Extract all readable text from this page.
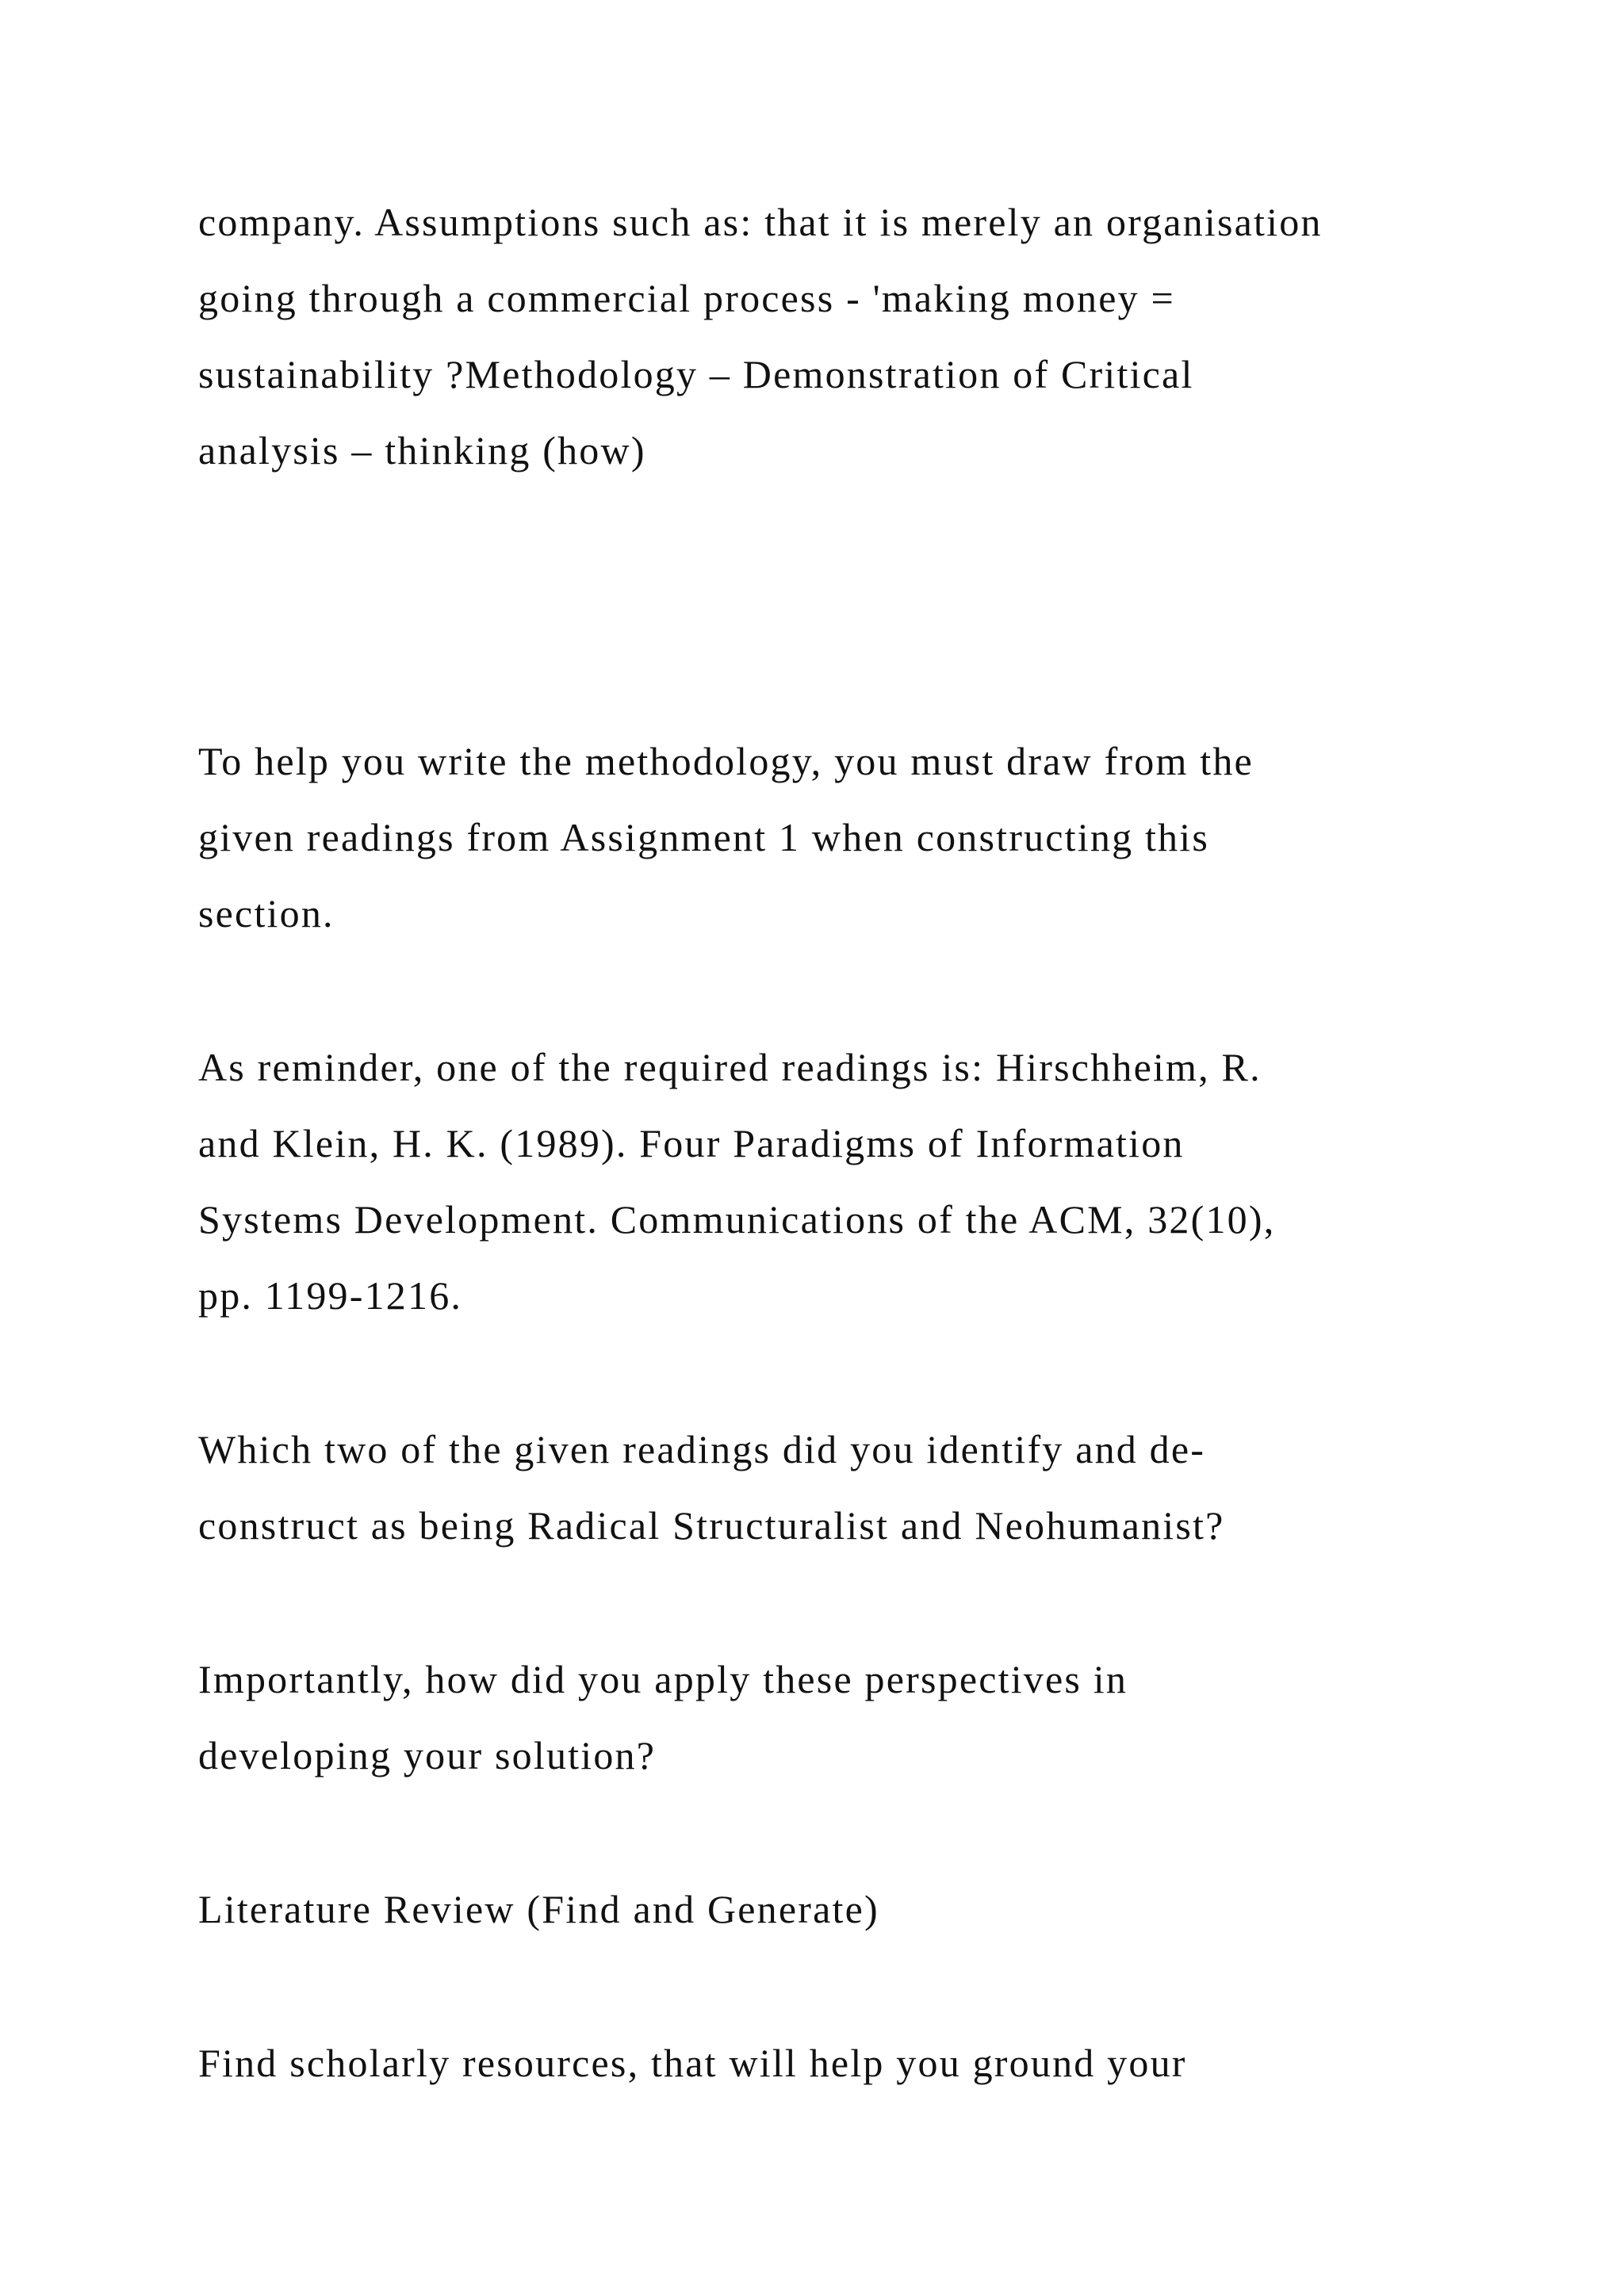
company. Assumptions such as: that it is merely an organisation
going through a commercial process - 'making money =
sustainability ?Methodology – Demonstration of Critical
analysis – thinking (how)

To help you write the methodology, you must draw from the
given readings from Assignment 1 when constructing this
section.

As reminder, one of the required readings is: Hirschheim, R.
and Klein, H. K. (1989). Four Paradigms of Information
Systems Development. Communications of the ACM, 32(10),
pp. 1199-1216.

Which two of the given readings did you identify and de-
construct as being Radical Structuralist and Neohumanist?

Importantly, how did you apply these perspectives in
developing your solution?

Literature Review (Find and Generate)

Find scholarly resources, that will help you ground your
